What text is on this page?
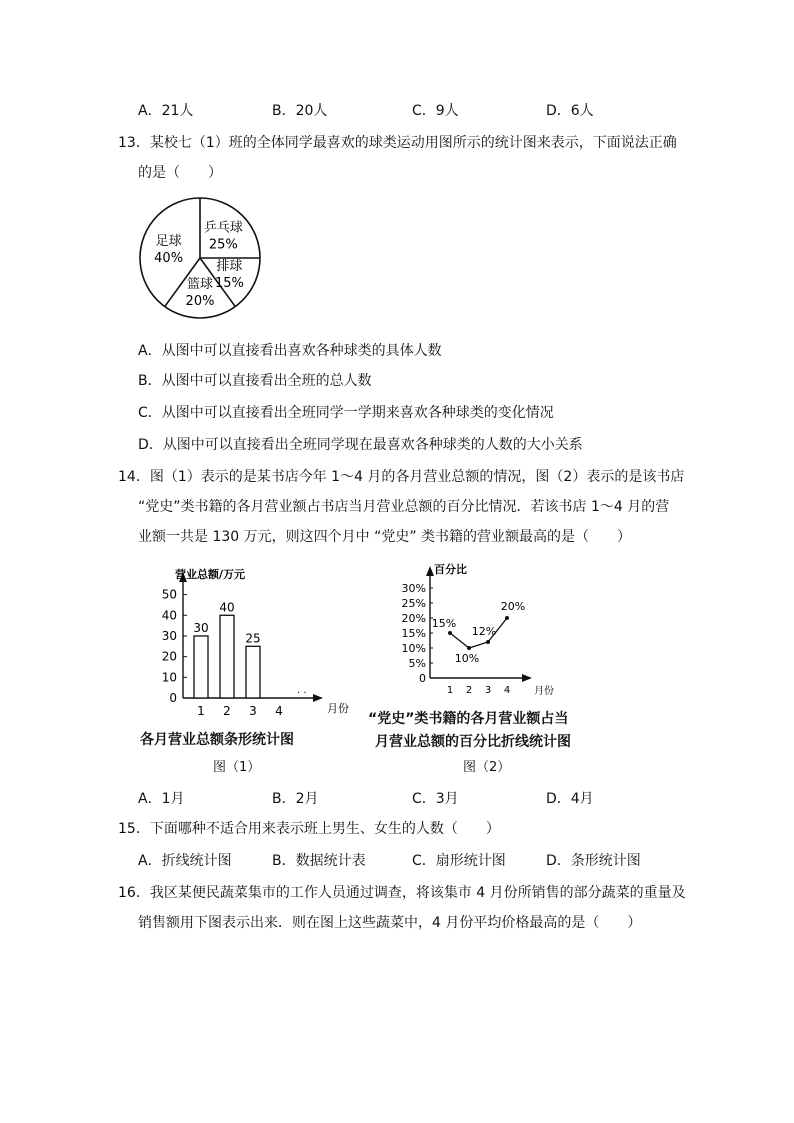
A．21人	B．20人	C．9人	D．6人
13．某校七（1）班的全体同学最喜欢的球类运动用图所示的统计图来表示，下面说法正确
的是（　　）
乒乓球
25%
排球
15%
篮球
20%
足球
40%
A．从图中可以直接看出喜欢各种球类的具体人数
B．从图中可以直接看出全班的总人数
C．从图中可以直接看出全班同学一学期来喜欢各种球类的变化情况
D．从图中可以直接看出全班同学现在最喜欢各种球类的人数的大小关系
14．图（1）表示的是某书店今年 1～4 月的各月营业总额的情况，图（2）表示的是该书店
“党史”类书籍的各月营业额占书店当月营业总额的百分比情况．若该书店 1～4 月的营
业额一共是 130 万元，则这四个月中 “党史” 类书籍的营业额最高的是（　　）
营业总额/万元
月份
0
10
20
30
40
50
1
30
2
40
3
25
4
· ·
各月营业总额条形统计图
图（1）
百分比
月份
0
5%
10%
15%
20%
25%
30%
1 2 3 4
15%
10%
12%
20%
“党史”类书籍的各月营业额占当
月营业总额的百分比折线统计图
图（2）
A．1月	B．2月	C．3月	D．4月
15．下面哪种不适合用来表示班上男生、女生的人数（　　）
A．折线统计图	B．数据统计表	C．扇形统计图	D．条形统计图
16．我区某便民蔬菜集市的工作人员通过调查，将该集市 4 月份所销售的部分蔬菜的重量及
销售额用下图表示出来．则在图上这些蔬菜中，4 月份平均价格最高的是（　　）
